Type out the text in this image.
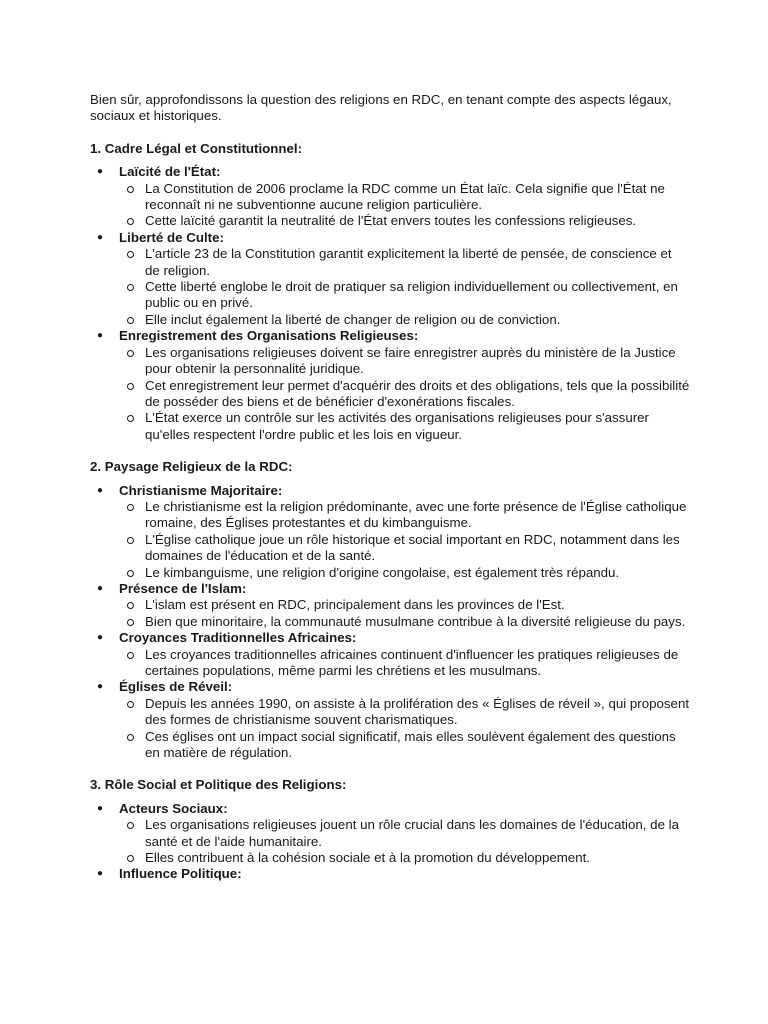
Bien sûr, approfondissons la question des religions en RDC, en tenant compte des aspects légaux, sociaux et historiques.

1. Cadre Légal et Constitutionnel:

● Laïcité de l'État:
La Constitution de 2006 proclame la RDC comme un État laïc. Cela signifie que l'État ne reconnaît ni ne subventionne aucune religion particulière.
Cette laïcité garantit la neutralité de l'État envers toutes les confessions religieuses.
● Liberté de Culte:
L'article 23 de la Constitution garantit explicitement la liberté de pensée, de conscience et de religion.
Cette liberté englobe le droit de pratiquer sa religion individuellement ou collectivement, en public ou en privé.
Elle inclut également la liberté de changer de religion ou de conviction.
● Enregistrement des Organisations Religieuses:
Les organisations religieuses doivent se faire enregistrer auprès du ministère de la Justice pour obtenir la personnalité juridique.
Cet enregistrement leur permet d'acquérir des droits et des obligations, tels que la possibilité de posséder des biens et de bénéficier d'exonérations fiscales.
L'État exerce un contrôle sur les activités des organisations religieuses pour s'assurer qu'elles respectent l'ordre public et les lois en vigueur.

2. Paysage Religieux de la RDC:

● Christianisme Majoritaire:
Le christianisme est la religion prédominante, avec une forte présence de l'Église catholique romaine, des Églises protestantes et du kimbanguisme.
L'Église catholique joue un rôle historique et social important en RDC, notamment dans les domaines de l'éducation et de la santé.
Le kimbanguisme, une religion d'origine congolaise, est également très répandu.
● Présence de l'Islam:
L'islam est présent en RDC, principalement dans les provinces de l'Est.
Bien que minoritaire, la communauté musulmane contribue à la diversité religieuse du pays.
● Croyances Traditionnelles Africaines:
Les croyances traditionnelles africaines continuent d'influencer les pratiques religieuses de certaines populations, même parmi les chrétiens et les musulmans.
● Églises de Réveil:
Depuis les années 1990, on assiste à la prolifération des « Églises de réveil », qui proposent des formes de christianisme souvent charismatiques.
Ces églises ont un impact social significatif, mais elles soulèvent également des questions en matière de régulation.

3. Rôle Social et Politique des Religions:

● Acteurs Sociaux:
Les organisations religieuses jouent un rôle crucial dans les domaines de l'éducation, de la santé et de l'aide humanitaire.
Elles contribuent à la cohésion sociale et à la promotion du développement.
● Influence Politique:
